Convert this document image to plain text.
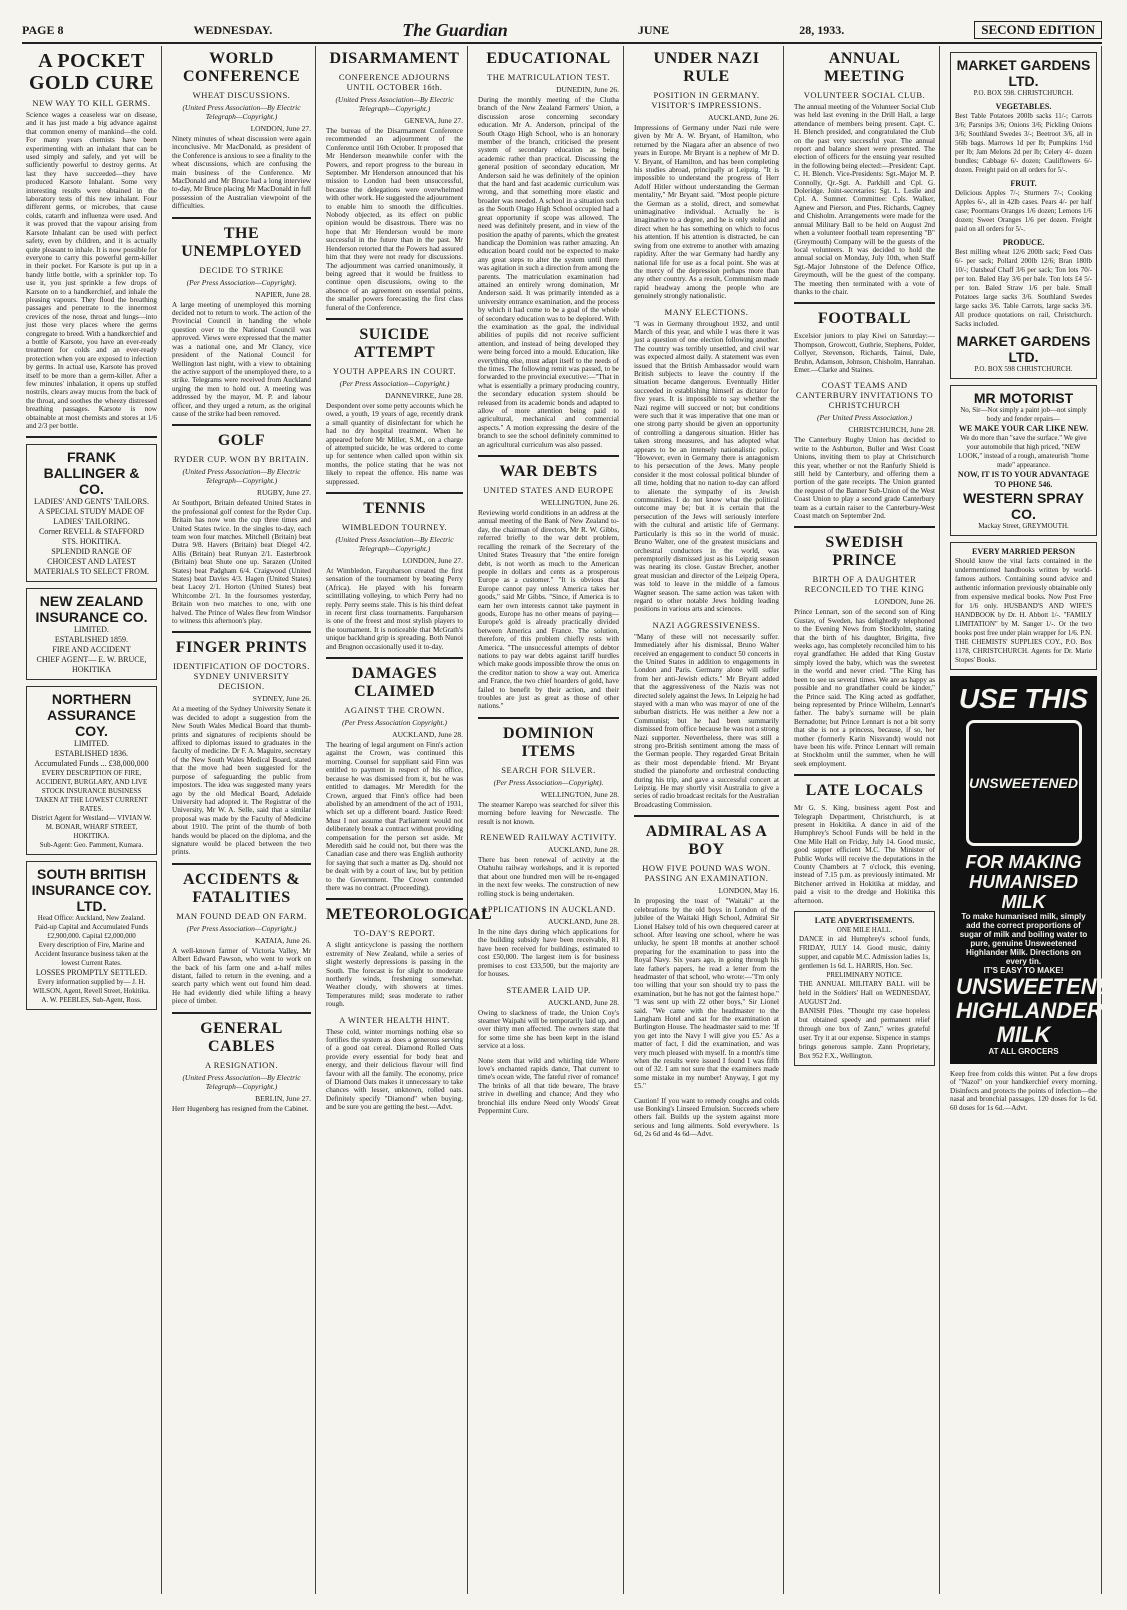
PAGE 8	WEDNESDAY.	The Guardian	JUNE	28, 1933.	SECOND EDITION
A POCKET GOLD CURE
NEW WAY TO KILL GERMS.
Science wages a ceaseless war on disease, and it has just made a big advance against that common enemy of mankind—the cold. For many years chemists have been experimenting with an inhalant that can be used simply and safely, and yet will be sufficiently powerful to destroy germs. At last they have succeeded—they have produced Karsote Inhalant. Some very interesting results were obtained in the laboratory tests of this new inhalant. Four different germs, or microbes, that cause colds, catarrh and influenza were used. And it was proved that the vapour arising from Karsote Inhalant can be used with perfect safety, even by children, and it is actually quite pleasant to inhale. It is now possible for everyone to carry this powerful germ-killer in their pocket. For Karsote is put up in a handy little bottle, with a sprinkler top. To use it, you just sprinkle a few drops of Karsote on to a handkerchief, and inhale the pleasing vapours. They flood the breathing passages and penetrate to the innermost crevices of the nose, throat and lungs—into just those very places where the germs congregate to breed. With a handkerchief and a bottle of Karsote, you have an ever-ready treatment for colds and an ever-ready protection when you are exposed to infection by germs. In actual use, Karsote has proved itself to be more than a germ-killer. After a few minutes' inhalation, it opens up stuffed nostrils, clears away mucus from the back of the throat, and soothes the wheezy distressed breathing passages. Karsote is now obtainable at most chemists and stores at 1/6 and 2/3 per bottle.
FRANK BALLINGER & CO.
LADIES' AND GENTS' TAILORS.
A SPECIAL STUDY MADE OF LADIES' TAILORING.
Corner REVELL & STAFFORD STS. HOKITIKA.
SPLENDID RANGE OF CHOICEST AND LATEST MATERIALS TO SELECT FROM.
NEW ZEALAND INSURANCE CO.
LIMITED.
ESTABLISHED 1859.
FIRE AND ACCIDENT
CHIEF AGENT— E. W. BRUCE, HOKITIKA
NORTHERN ASSURANCE COY.
LIMITED.
ESTABLISHED 1836.
Accumulated Funds ... £38,000,000
EVERY DESCRIPTION OF FIRE, ACCIDENT, BURGLARY, AND LIVE STOCK INSURANCE BUSINESS TAKEN AT THE LOWEST CURRENT RATES.
District Agent for Westland— VIVIAN W. M. BONAR, WHARF STREET, HOKITIKA.
Sub-Agent: Geo. Pamment, Kumara.
SOUTH BRITISH INSURANCE COY. LTD.
Head Office: Auckland, New Zealand. Paid-up Capital and Accumulated Funds £2,900,000. Capital £2,000,000
Every description of Fire, Marine and Accident Insurance business taken at the lowest Current Rates.
LOSSES PROMPTLY SETTLED.
Every information supplied by— J. H. WILSON, Agent, Revell Street, Hokitika. A. W. PEEBLES, Sub-Agent, Ross.
WORLD CONFERENCE
WHEAT DISCUSSIONS.
(United Press Association—By Electric Telegraph—Copyright.)
LONDON, June 27.
Ninety minutes of wheat discussion were again inconclusive. Mr MacDonald, as president of the Conference is anxious to see a finality to the wheat discussions, which are confusing the main business of the Conference. Mr MacDonald and Mr Bruce had a long interview to-day, Mr Bruce placing Mr MacDonald in full possession of the Australian viewpoint of the difficulties.
THE UNEMPLOYED
DECIDE TO STRIKE
(Per Press Association—Copyright).
NAPIER, June 28.
A large meeting of unemployed this morning decided not to return to work. The action of the Provincial Council in handing the whole question over to the National Council was approved. Views were expressed that the matter was a national one, and Mr Clancy, vice president of the National Council for Wellington last night, with a view to obtaining the active support of the unemployed there, to a strike. Telegrams were received from Auckland urging the men to hold out. A meeting was addressed by the mayor, M. P. and labour officer, and they urged a return, as the original cause of the strike had been removed.
GOLF
RYDER CUP. WON BY BRITAIN.
(United Press Association—By Electric Telegraph—Copyright.)
RUGBY, June 27.
At Southport, Britain defeated United States in the professional golf contest for the Ryder Cup. Britain has now won the cup three times and United States twice. In the singles to-day, each team won four matches. Mitchell (Britain) beat Dutra 9/8. Havers (Britain) beat Diegel 4/2. Allis (Britain) beat Runyan 2/1. Easterbrook (Britain) beat Shute one up. Sarazen (United States) beat Padgham 6/4. Craigwood (United States) beat Davies 4/3. Hagen (United States) beat Lacey 2/1. Horton (United States) beat Whitcombe 2/1. In the foursomes yesterday, Britain won two matches to one, with one halved. The Prince of Wales flew from Windsor to witness this afternoon's play.
FINGER PRINTS
IDENTIFICATION OF DOCTORS. SYDNEY UNIVERSITY DECISION.
SYDNEY, June 26.
At a meeting of the Sydney University Senate it was decided to adopt a suggestion from the New South Wales Medical Board that thumb-prints and signatures of recipients should be affixed to diplomas issued to graduates in the faculty of medicine. Dr F. A. Maguire, secretary of the New South Wales Medical Board, stated that the move had been suggested for the purpose of safeguarding the public from impostors. The idea was suggested many years ago by the old Medical Board, Adelaide University had adopted it. The Registrar of the University, Mr W. A. Selle, said that a similar proposal was made by the Faculty of Medicine about 1910. The print of the thumb of both hands would be placed on the diploma, and the signature would be placed between the two prints.
ACCIDENTS & FATALITIES
MAN FOUND DEAD ON FARM.
(Per Press Association—Copyright.)
KATAIA, June 26.
A well-known farmer of Victoria Valley, Mr Albert Edward Pawson, who went to work on the back of his farm one and a-half miles distant, failed to return in the evening, and a search party which went out found him dead. He had evidently died while lifting a heavy piece of timber.
GENERAL CABLES
A RESIGNATION.
(United Press Association—By Electric Telegraph—Copyright.)
BERLIN, June 27.
Herr Hugenberg has resigned from the Cabinet.
DISARMAMENT
CONFERENCE ADJOURNS UNTIL OCTOBER 16th.
(United Press Association—By Electric Telegraph—Copyright.)
GENEVA, June 27.
The bureau of the Disarmament Conference recommended an adjournment of the Conference until 16th October. It proposed that Mr Henderson meanwhile confer with the Powers, and report progress to the bureau in September. Mr Henderson announced that his mission to London had been unsuccessful, because the delegations were overwhelmed with other work. He suggested the adjournment to enable him to smooth the difficulties. Nobody objected, as its effect on public opinion would be disastrous. There was no hope that Mr Henderson would be more successful in the future than in the past. Mr Henderson retorted that the Powers had assured him that they were not ready for discussions. The adjournment was carried unanimously, it being agreed that it would be fruitless to continue open discussions, owing to the absence of an agreement on essential points, the smaller powers forecasting the first class funeral of the Conference.
SUICIDE ATTEMPT
YOUTH APPEARS IN COURT.
(Per Press Association—Copyright.)
DANNEVIRKE, June 28.
Despondent over some petty accounts which he owed, a youth, 19 years of age, recently drank a small quantity of disinfectant for which he had no dry hospital treatment. When he appeared before Mr Miller, S.M., on a charge of attempted suicide, he was ordered to come up for sentence when called upon within six months, the police stating that he was not likely to repeat the offence. His name was suppressed.
TENNIS
WIMBLEDON TOURNEY.
(United Press Association—By Electric Telegraph—Copyright.)
LONDON, June 27.
At Wimbledon, Farquharson created the first sensation of the tournament by beating Perry (Africa). He played with his forearm scintillating volleying, to which Perry had no reply. Perry seems stale. This is his third defeat in recent first class tournaments. Farquharson is one of the freest and most stylish players to the tournament. It is noticeable that McGrath's unique backhand grip is spreading. Both Nunoi and Brugnon occasionally used it to-day.
DAMAGES CLAIMED
AGAINST THE CROWN.
(Per Press Association Copyright.)
AUCKLAND, June 28.
The hearing of legal argument on Finn's action against the Crown, was continued this morning. Counsel for suppliant said Finn was entitled to payment in respect of his office, because he was dismissed from it, but he was entitled to damages. Mr Meredith for the Crown, argued that Finn's office had been abolished by an amendment of the act of 1931, which set up a different board. Justice Reed: Must I not assume that Parliament would not deliberately break a contract without providing compensation for the person set aside. Mr Meredith said he could not, but there was the Canadian case and there was English authority for saying that such a matter as Dg. should not be dealt with by a court of law, but by petition to the Government. The Crown contended there was no contract. (Proceeding).
METEOROLOGICAL
TO-DAY'S REPORT.
A slight anticyclone is passing the northern extremity of New Zealand, while a series of slight westerly depressions is passing in the South. The forecast is for slight to moderate northerly winds, freshening somewhat. Weather cloudy, with showers at times. Temperatures mild; seas moderate to rather rough.
A WINTER HEALTH HINT.
These cold, winter mornings nothing else so fortifies the system as does a generous serving of a good oat cereal. Diamond Rolled Oats provide every essential for body heat and energy, and their delicious flavour will find favour with all the family. The economy, price of Diamond Oats makes it unnecessary to take chances with lesser, unknown, rolled oats. Definitely specify "Diamond" when buying, and be sure you are getting the best.—Advt.
EDUCATIONAL
THE MATRICULATION TEST.
DUNEDIN, June 26.
During the monthly meeting of the Clutha branch of the New Zealand Farmers' Union, a discussion arose concerning secondary education. Mr A. Anderson, principal of the South Otago High School, who is an honorary member of the branch, criticised the present system of secondary education as being academic rather than practical. Discussing the general position of secondary education, Mr Anderson said he was definitely of the opinion that the hard and fast academic curriculum was wrong, and that something more elastic and broader was needed. A school in a situation such as the South Otago High School occupied had a great opportunity if scope was allowed. The need was definitely present, and in view of the position the apathy of parents, which the greatest handicap the Dominion was rather amazing. An education board could not be expected to make any great steps to alter the system until there was agitation in such a direction from among the parents. The matriculation examination had attained an entirely wrong domination, Mr Anderson said. It was primarily intended as a university entrance examination, and the process by which it had come to be a goal of the whole of secondary education was to be deplored. With the examination as the goal, the individual abilities of pupils did not receive sufficient attention, and instead of being developed they were being forced into a mould. Education, like everything else, must adapt itself to the needs of the times. The following remit was passed, to be forwarded to the provincial executive:—"That in what is essentially a primary producing country, the secondary education system should be released from its academic bonds and adapted to allow of more attention being paid to agricultural, mechanical and commercial aspects." A motion expressing the desire of the branch to see the school definitely committed to an agricultural curriculum was also passed.
WAR DEBTS
UNITED STATES AND EUROPE
WELLINGTON, June 26.
Reviewing world conditions in an address at the annual meeting of the Bank of New Zealand to-day, the chairman of directors, Mr R. W. Gibbs, referred briefly to the war debt problem, recalling the remark of the Secretary of the United States Treasury that "the entire foreign debt, is not worth as much to the American people in dollars and cents as a prosperous Europe as a customer." "It is obvious that Europe cannot pay unless America takes her goods," said Mr Gibbs. "Since, if America is to earn her own interests cannot take payment in goods, Europe has no other means of paying—Europe's gold is already practically divided between America and France. The solution, therefore, of this problem chiefly rests with America. "The unsuccessful attempts of debtor nations to pay war debts against tariff hurdles which make goods impossible throw the onus on the creditor nation to show a way out. America and France, the two chief hoarders of gold, have failed to benefit by their action, and their troubles are just as great as those of other nations."
DOMINION ITEMS
SEARCH FOR SILVER.
(Per Press Association—Copyright).
WELLINGTON, June 28.
The steamer Karepo was searched for silver this morning before leaving for Newcastle. The result is not known.
RENEWED RAILWAY ACTIVITY.
AUCKLAND, June 28.
There has been renewal of activity at the Otahuhu railway workshops, and it is reported that about one hundred men will be re-engaged in the next few weeks. The construction of new rolling stock is being undertaken.
APPLICATIONS IN AUCKLAND.
AUCKLAND, June 28.
In the nine days during which applications for the building subsidy have been receivable, 81 have been received for buildings, estimated to cost £50,000. The largest item is for business premises to cost £33,500, but the majority are for houses.
STEAMER LAID UP.
AUCKLAND, June 28.
Owing to slackness of trade, the Union Coy's steamer Waipahi will be temporarily laid up, and over thirty men affected. The owners state that for some time she has been kept in the island service at a loss.
None stem that wild and whirling tide Where love's enchanted rapids dance, That current to time's ocean wide, The fateful river of romance! The brinks of all that tide beware, The brave strive in dwelling and chance; And they who bronchial ills endure Need only Woods' Great Peppermint Cure.
UNDER NAZI RULE
POSITION IN GERMANY. VISITOR'S IMPRESSIONS.
AUCKLAND, June 26.
Impressions of Germany under Nazi rule were given by Mr A. W. Bryant, of Hamilton, who returned by the Niagara after an absence of two years in Europe. Mr Bryant is a nephew of Mr D. V. Bryant, of Hamilton, and has been completing his studies abroad, principally at Leipzig. "It is impossible to understand the progress of Herr Adolf Hitler without understanding the German mentality," Mr Bryant said. "Most people picture the German as a stolid, direct, and somewhat unimaginative individual. Actually he is imaginative to a degree, and he is only stolid and direct when he has something on which to focus his attention. If his attention is distracted, he can swing from one extreme to another with amazing rapidity. After the war Germany had hardly any national life for use as a focal point. She was at the mercy of the depression perhaps more than any other country. As a result, Communism made rapid headway among the people who are genuinely strongly nationalistic.
MANY ELECTIONS.
"I was in Germany throughout 1932, and until March of this year, and while I was there it was just a question of one election following another. The country was terribly unsettled, and civil war was expected almost daily. A statement was even issued that the British Ambassador would warn British subjects to leave the country if the situation became dangerous. Eventually Hitler succeeded in establishing himself as dictator for five years. It is impossible to say whether the Nazi regime will succeed or not; but conditions were such that it was imperative that one man or one strong party should be given an opportunity of controlling a dangerous situation. Hitler has taken strong measures, and has adopted what appears to be an intensely nationalistic policy. "However, even in Germany there is antagonism to his persecution of the Jews. Many people consider it the most colossal political blunder of all time, holding that no nation to-day can afford to alienate the sympathy of its Jewish communities. I do not know what the political outcome may be; but it is certain that the persecution of the Jews will seriously interfere with the cultural and artistic life of Germany. Particularly is this so in the world of music. Bruno Walter, one of the greatest musicians and orchestral conductors in the world, was peremptorily dismissed just as his Leipzig season was nearing its close. Gustav Brecher, another great musician and director of the Leipzig Opera, was told to leave in the middle of a famous Wagner season. The same action was taken with regard to other notable Jews holding leading positions in various arts and sciences.
NAZI AGGRESSIVENESS.
"Many of these will not necessarily suffer. Immediately after his dismissal, Bruno Walter received an engagement to conduct 50 concerts in the United States in addition to engagements in London and Paris. Germany alone will suffer from her anti-Jewish edicts." Mr Bryant added that the aggressiveness of the Nazis was not directed solely against the Jews. In Leipzig he had stayed with a man who was mayor of one of the suburban districts. He was neither a Jew nor a Communist; but he had been summarily dismissed from office because he was not a strong Nazi supporter. Nevertheless, there was still a strong pro-British sentiment among the mass of the German people. They regarded Great Britain as their most dependable friend. Mr Bryant studied the pianoforte and orchestral conducting during his trip, and gave a successful concert at Leipzig. He may shortly visit Australia to give a series of radio broadcast recitals for the Australian Broadcasting Commission.
ADMIRAL AS A BOY
HOW FIVE POUND WAS WON. PASSING AN EXAMINATION.
LONDON, May 16.
In proposing the toast of "Waitaki" at the celebrations by the old boys in London of the jubilee of the Waitaki High School, Admiral Sir Lionel Halsey told of his own chequered career at school. After leaving one school, where he was unlucky, he spent 18 months at another school preparing for the examination to pass into the Royal Navy. Six years ago, in going through his late father's papers, he read a letter from the headmaster of that school, who wrote:—"I'm only too willing that your son should try to pass the examination, but he has not got the faintest hope." "I was sent up with 22 other boys," Sir Lionel said. "We came with the headmaster to the Langham Hotel and sat for the examination at Burlington House. The headmaster said to me: 'If you get into the Navy I will give you £5.' As a matter of fact, I did the examination, and was very much pleased with myself. In a month's time when the results were issued I found I was fifth out of 32. I am not sure that the examiners made some mistake in my number! Anyway, I got my £5."
Caution! If you want to remedy coughs and colds use Bonking's Linseed Emulsion. Succeeds where others fail. Builds up the system against more serious and lung ailments. Sold everywhere. 1s 6d, 2s 6d and 4s 6d—Advt.
ANNUAL MEETING
VOLUNTEER SOCIAL CLUB.
The annual meeting of the Volunteer Social Club was held last evening in the Drill Hall, a large attendance of members being present. Capt. C. H. Blench presided, and congratulated the Club on the past very successful year. The annual report and balance sheet were presented. The election of officers for the ensuing year resulted in the following being elected:—President: Capt. C. H. Blench. Vice-Presidents: Sgt.-Major M. P. Connolly, Qr.-Sgt. A. Parkhill and Cpl. G. Doleridge. Joint-secretaries: Sgt. L. Leslie and Cpl. A. Sumner. Committee: Cpls. Walker, Agnew and Pierson, and Ptes. Richards, Cagney and Chisholm. Arrangements were made for the annual Military Ball to be held on August 2nd when a volunteer football team representing "B" (Greymouth) Company will be the guests of the local volunteers. It was decided to hold the annual social on Monday, July 10th, when Staff Sgt.-Major Johnstone of the Defence Office, Greymouth, will be the guest of the company. The meeting then terminated with a vote of thanks to the chair.
FOOTBALL
Excelsior juniors to play Kiwi on Saturday:—Thompson, Growcott, Guthrie, Stephens, Polder, Collyer, Stevenson, Richards, Tainui, Dale, Bruhn, Adamson, Johnson, Chisholm, Hanrahan. Emer.—Clarke and Staines.
COAST TEAMS AND CANTERBURY INVITATIONS TO CHRISTCHURCH
(Per United Press Association.)
CHRISTCHURCH, June 28.
The Canterbury Rugby Union has decided to write to the Ashburton, Buller and West Coast Unions, inviting them to play at Christchurch this year, whether or not the Ranfurly Shield is still held by Canterbury, and offering them a portion of the gate receipts. The Union granted the request of the Banner Sub-Union of the West Coast Union to play a second grade Canterbury team as a curtain raiser to the Canterbury-West Coast match on September 2nd.
SWEDISH PRINCE
BIRTH OF A DAUGHTER RECONCILED TO THE KING
LONDON, June 26.
Prince Lennart, son of the second son of King Gustav, of Sweden, has delightedly telephoned to the Evening News from Stockholm, stating that the birth of his daughter, Brigitta, five weeks ago, has completely reconciled him to his royal grandfather. He added that King Gustav simply loved the baby, which was the sweetest in the world and never cried. "The King has been to see us several times. We are as happy as possible and no grandfather could be kinder," the Prince said. The King acted as godfather, being represented by Prince Wilhelm, Lennart's father. The baby's surname will be plain Bernadotte; but Prince Lennart is not a bit sorry that she is not a princess, because, if so, her mother (formerly Karin Nissvandt) would not have been his wife. Prince Lennart will remain at Stockholm until the summer, when he will seek employment.
LATE LOCALS
Mr G. S. King, business agent Post and Telegraph Department, Christchurch, is at present in Hokitika. A dance in aid of the Humphrey's School Funds will be held in the One Mile Hall on Friday, July 14. Good music, good supper efficient M.C. The Minister of Public Works will receive the deputations in the County Chambers at 7 o'clock, this evening, instead of 7.15 p.m. as previously intimated. Mr Bitchener arrived in Hokitika at midday, and paid a visit to the dredge and Hokitika this afternoon.
LATE ADVERTISEMENTS.
ONE MILE HALL.
DANCE in aid Humphrey's school funds, FRIDAY, JULY 14. Good music, dainty supper, and capable M.C. Admission ladies 1s, gentlemen 1s 6d. L. HARRIS, Hon. Sec.
PRELIMINARY NOTICE.
THE ANNUAL MILITARY BALL will be held in the Soldiers' Hall on WEDNESDAY, AUGUST 2nd.
BANISH Piles. "Thought my case hopeless but obtained speedy and permanent relief through one box of Zann," writes grateful user. Try it at our expense. Sixpence in stamps brings generous sample. Zann Proprietary, Box 952 F.X., Wellington.
MARKET GARDENS LTD.
P.O. BOX 598. CHRISTCHURCH.
VEGETABLES.
Best Table Potatoes 200lb sacks 11/-; Carrots 3/6; Parsnips 3/6; Onions 3/6; Pickling Onions 3/6; Southland Swedes 3/-; Beetroot 3/6, all in 56lb bags. Marrows 1d per lb; Pumpkins 1½d per lb; Jam Melons 2d per lb; Celery 4/- dozen bundles; Cabbage 6/- dozen; Cauliflowers 6/- dozen. Freight paid on all orders for 5/-.
FRUIT.
Delicious Apples 7/-; Sturmers 7/-; Cooking Apples 6/-, all in 42lb cases. Pears 4/- per half case; Poormans Oranges 1/6 dozen; Lemons 1/6 dozen; Sweet Oranges 1/6 per dozen. Freight paid on all orders for 5/-.
PRODUCE.
Best milling wheat 12/6 200lb sack; Feed Oats 6/- per sack; Pollard 200lb 12/6; Bran 180lb 10/-; Oatsheaf Chaff 3/6 per sack; Ton lots 70/- per ton. Baled Hay 3/6 per bale. Ton lots £4 5/- per ton. Baled Straw 1/6 per bale. Small Potatoes large sacks 3/6. Southland Swedes large sacks 3/6. Table Carrots, large sacks 3/6. All produce quotations on rail, Christchurch. Sacks included.
MARKET GARDENS LTD.
P.O. BOX 598 CHRISTCHURCH.
MR MOTORIST
No, Sir—Not simply a paint job—not simply body and fender repairs—
WE MAKE YOUR CAR LIKE NEW.
We do more than "save the surface." We give your automobile that high priced, "NEW LOOK," instead of a rough, amateurish "home made" appearance.
NOW, IT IS TO YOUR ADVANTAGE TO PHONE 546.
WESTERN SPRAY CO.
Mackay Street, GREYMOUTH.
EVERY MARRIED PERSON
Should know the vital facts contained in the undermentioned handbooks written by world-famous authors. Containing sound advice and authentic information previously obtainable only from expensive medical books. Now Post Free for 1/6 only. HUSBAND'S AND WIFE'S HANDBOOK by Dr. H. Abbott 1/-. "FAMILY LIMITATION" by M. Sanger 1/-. Or the two books post free under plain wrapper for 1/6. P.N. THE CHEMISTS' SUPPLIES COY., P.O. Box 1178, CHRISTCHURCH. Agents for Dr. Marie Stopes' Books.
USE THIS
UNSWEETENED
FOR MAKING HUMANISED MILK
To make humanised milk, simply add the correct proportions of sugar of milk and boiling water to pure, genuine Unsweetened Highlander Milk. Directions on every tin.
IT'S EASY TO MAKE!
UNSWEETENED HIGHLANDER MILK
AT ALL GROCERS
Keep free from colds this winter. Put a few drops of "Nazol" on your handkerchief every morning. Disinfects and protects the points of infection—the nasal and bronchial passages. 120 doses for 1s 6d. 60 doses for 1s 6d.—Advt.
